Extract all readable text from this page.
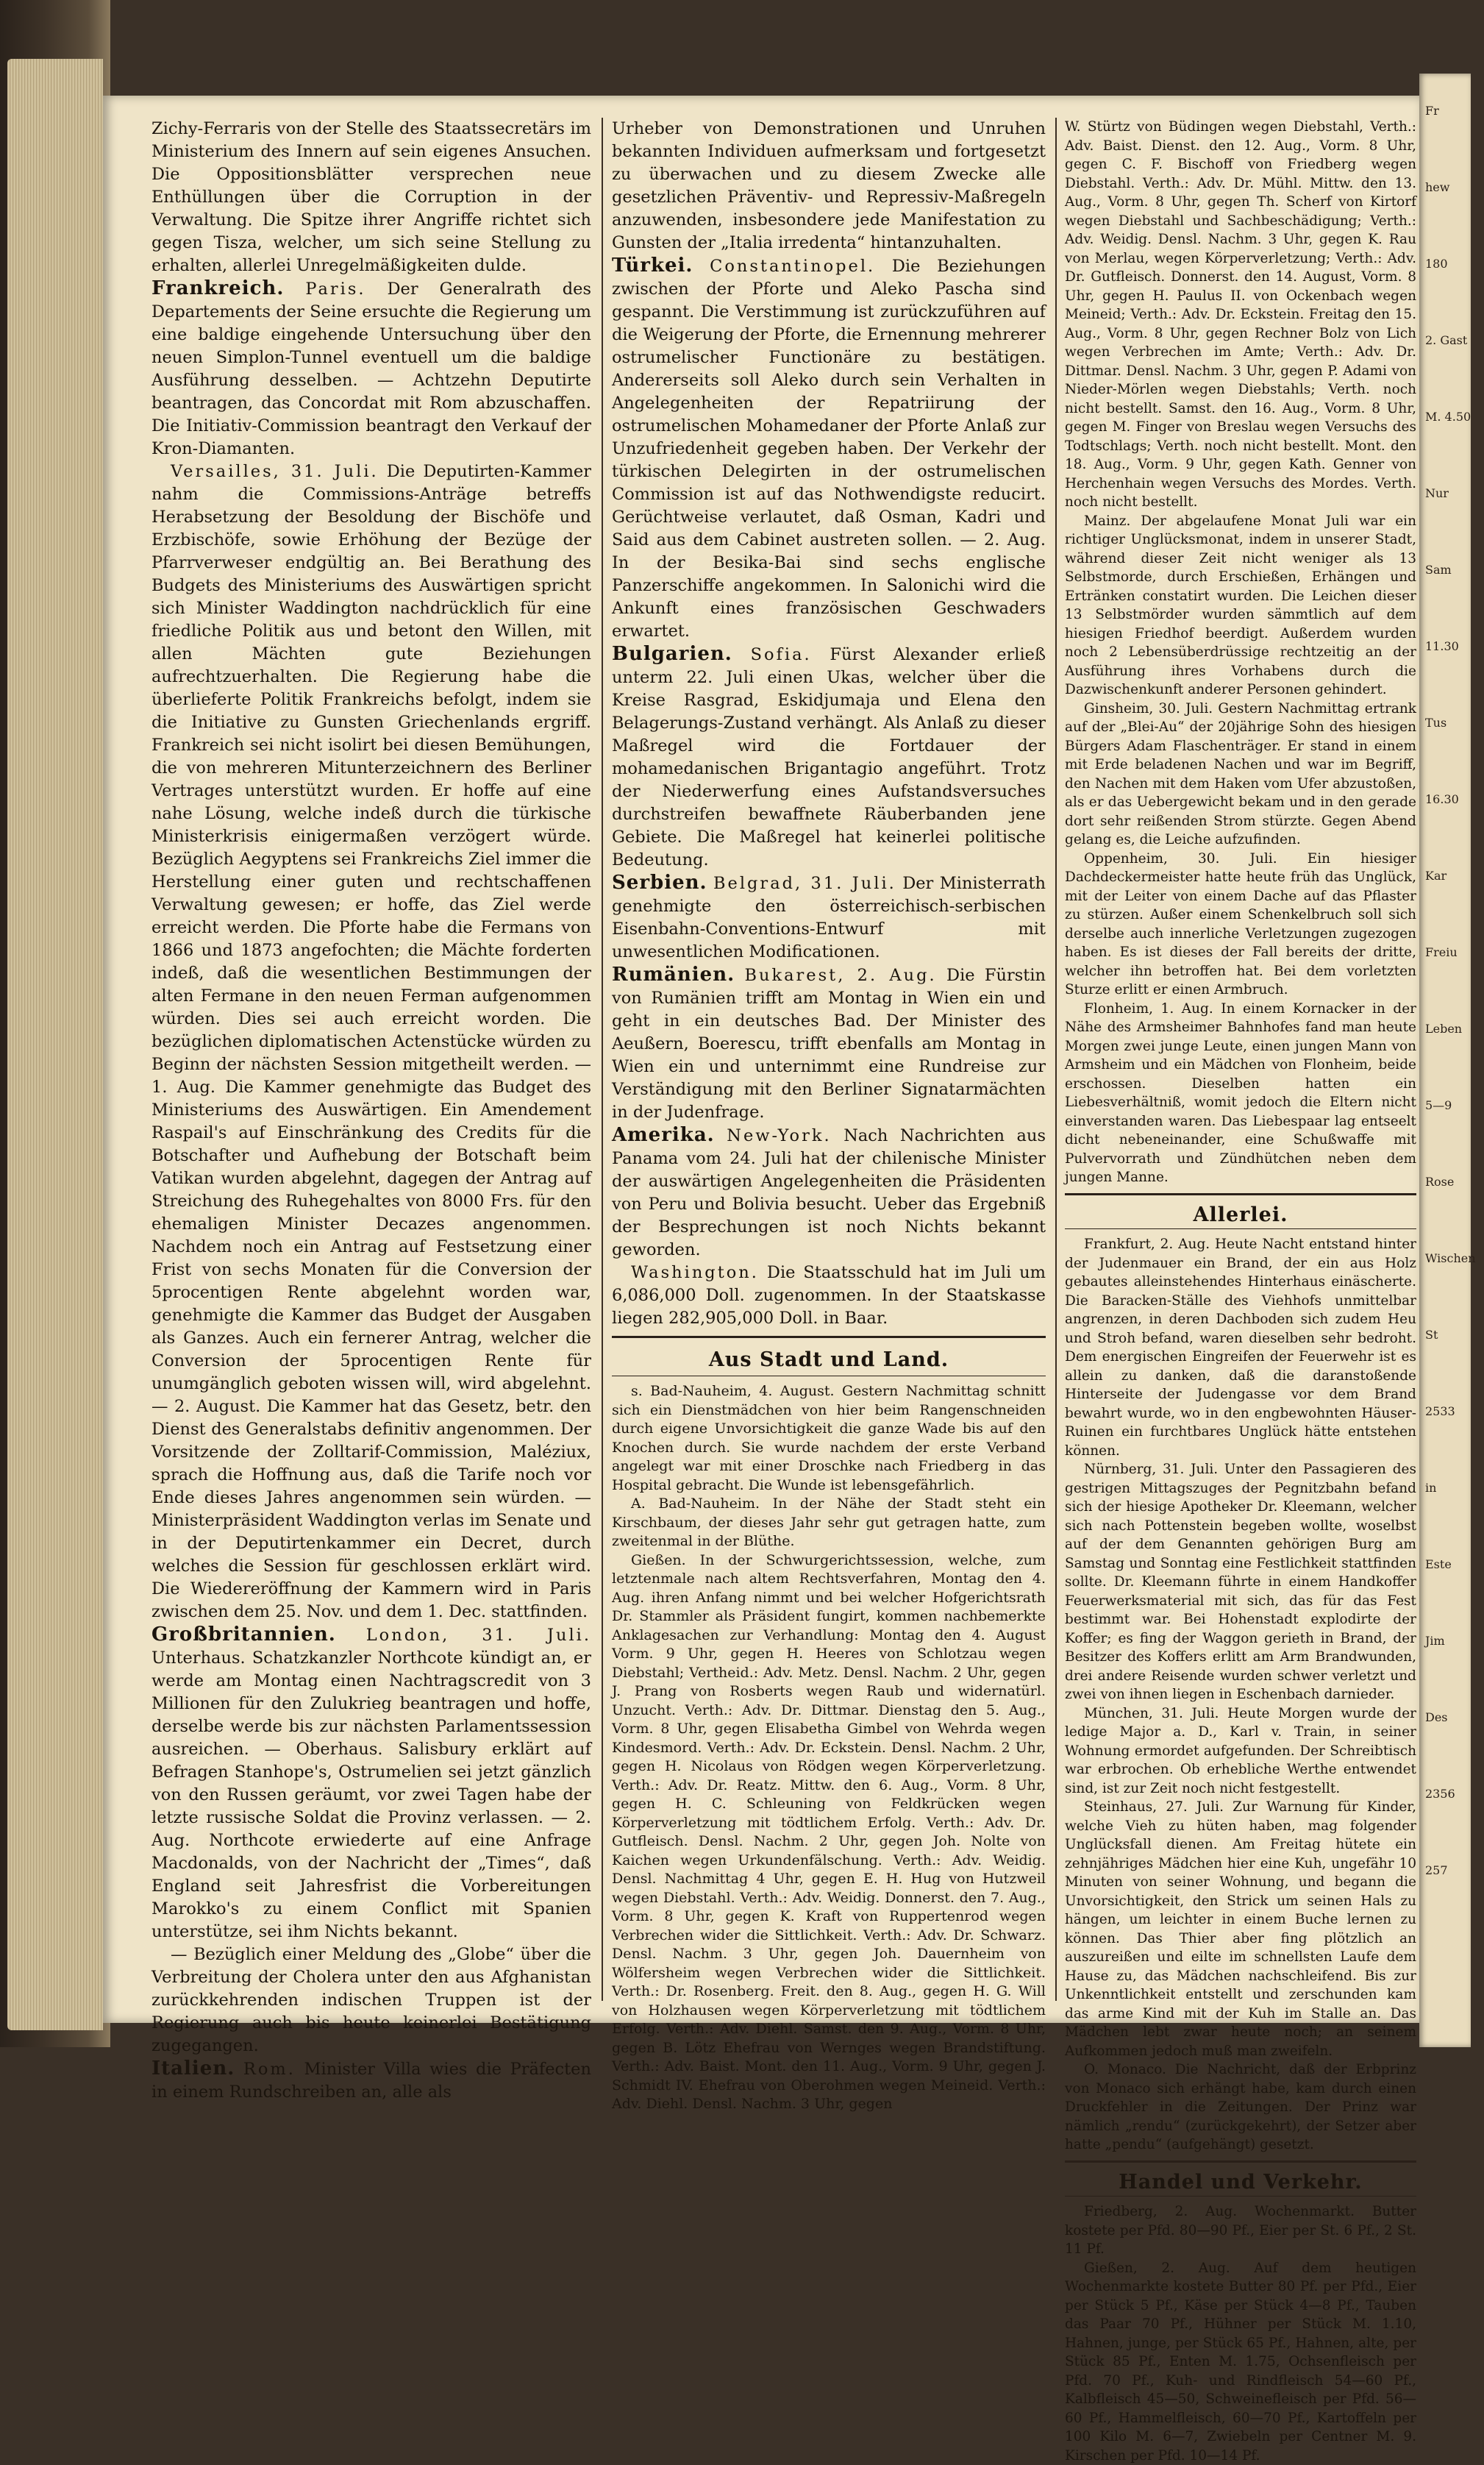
Zichy-Ferraris von der Stelle des Staatssecretärs im Ministerium des Innern auf sein eigenes Ansuchen. Die Oppositionsblätter versprechen neue Enthüllungen über die Corruption in der Verwaltung. Die Spitze ihrer Angriffe richtet sich gegen Tisza, welcher, um sich seine Stellung zu erhalten, allerlei Unregelmäßigkeiten dulde.

Frankreich. Paris. Der Generalrath des Departements der Seine ersuchte die Regierung um eine baldige eingehende Untersuchung über den neuen Simplon-Tunnel eventuell um die baldige Ausführung desselben. — Achtzehn Deputirte beantragen, das Concordat mit Rom abzuschaffen. Die Initiativ-Commission beantragt den Verkauf der Kron-Diamanten.

Versailles, 31. Juli. Die Deputirten-Kammer nahm die Commissions-Anträge betreffs Herabsetzung der Besoldung der Bischöfe und Erzbischöfe, sowie Erhöhung der Bezüge der Pfarrverweser endgültig an. Bei Berathung des Budgets des Ministeriums des Auswärtigen spricht sich Minister Waddington nachdrücklich für eine friedliche Politik aus und betont den Willen, mit allen Mächten gute Beziehungen aufrechtzuerhalten. Die Regierung habe die überlieferte Politik Frankreichs befolgt, indem sie die Initiative zu Gunsten Griechenlands ergriff. Frankreich sei nicht isolirt bei diesen Bemühungen, die von mehreren Mitunterzeichnern des Berliner Vertrages unterstützt wurden. Er hoffe auf eine nahe Lösung, welche indeß durch die türkische Ministerkrisis einigermaßen verzögert würde. Bezüglich Aegyptens sei Frankreichs Ziel immer die Herstellung einer guten und rechtschaffenen Verwaltung gewesen; er hoffe, das Ziel werde erreicht werden. Die Pforte habe die Fermans von 1866 und 1873 angefochten; die Mächte forderten indeß, daß die wesentlichen Bestimmungen der alten Fermane in den neuen Ferman aufgenommen würden. Dies sei auch erreicht worden. Die bezüglichen diplomatischen Actenstücke würden zu Beginn der nächsten Session mitgetheilt werden. — 1. Aug. Die Kammer genehmigte das Budget des Ministeriums des Auswärtigen. Ein Amendement Raspail's auf Einschränkung des Credits für die Botschafter und Aufhebung der Botschaft beim Vatikan wurden abgelehnt, dagegen der Antrag auf Streichung des Ruhegehaltes von 8000 Frs. für den ehemaligen Minister Decazes angenommen. Nachdem noch ein Antrag auf Festsetzung einer Frist von sechs Monaten für die Conversion der 5procentigen Rente abgelehnt worden war, genehmigte die Kammer das Budget der Ausgaben als Ganzes. Auch ein fernerer Antrag, welcher die Conversion der 5procentigen Rente für unumgänglich geboten wissen will, wird abgelehnt. — 2. August. Die Kammer hat das Gesetz, betr. den Dienst des Generalstabs definitiv angenommen. Der Vorsitzende der Zolltarif-Commission, Maléziux, sprach die Hoffnung aus, daß die Tarife noch vor Ende dieses Jahres angenommen sein würden. — Ministerpräsident Waddington verlas im Senate und in der Deputirtenkammer ein Decret, durch welches die Session für geschlossen erklärt wird. Die Wiedereröffnung der Kammern wird in Paris zwischen dem 25. Nov. und dem 1. Dec. stattfinden.

Großbritannien. London, 31. Juli. Unterhaus. Schatzkanzler Northcote kündigt an, er werde am Montag einen Nachtragscredit von 3 Millionen für den Zulukrieg beantragen und hoffe, derselbe werde bis zur nächsten Parlamentssession ausreichen. — Oberhaus. Salisbury erklärt auf Befragen Stanhope's, Ostrumelien sei jetzt gänzlich von den Russen geräumt, vor zwei Tagen habe der letzte russische Soldat die Provinz verlassen. — 2. Aug. Northcote erwiederte auf eine Anfrage Macdonalds, von der Nachricht der „Times“, daß England seit Jahresfrist die Vorbereitungen Marokko's zu einem Conflict mit Spanien unterstütze, sei ihm Nichts bekannt.

— Bezüglich einer Meldung des „Globe“ über die Verbreitung der Cholera unter den aus Afghanistan zurückkehrenden indischen Truppen ist der Regierung auch bis heute keinerlei Bestätigung zugegangen.

Italien. Rom. Minister Villa wies die Präfecten in einem Rundschreiben an, alle als

Urheber von Demonstrationen und Unruhen bekannten Individuen aufmerksam und fortgesetzt zu überwachen und zu diesem Zwecke alle gesetzlichen Präventiv- und Repressiv-Maßregeln anzuwenden, insbesondere jede Manifestation zu Gunsten der „Italia irredenta“ hintanzuhalten.

Türkei. Constantinopel. Die Beziehungen zwischen der Pforte und Aleko Pascha sind gespannt. Die Verstimmung ist zurückzuführen auf die Weigerung der Pforte, die Ernennung mehrerer ostrumelischer Functionäre zu bestätigen. Andererseits soll Aleko durch sein Verhalten in Angelegenheiten der Repatriirung der ostrumelischen Mohamedaner der Pforte Anlaß zur Unzufriedenheit gegeben haben. Der Verkehr der türkischen Delegirten in der ostrumelischen Commission ist auf das Nothwendigste reducirt. Gerüchtweise verlautet, daß Osman, Kadri und Said aus dem Cabinet austreten sollen. — 2. Aug. In der Besika-Bai sind sechs englische Panzerschiffe angekommen. In Salonichi wird die Ankunft eines französischen Geschwaders erwartet.

Bulgarien. Sofia. Fürst Alexander erließ unterm 22. Juli einen Ukas, welcher über die Kreise Rasgrad, Eskidjumaja und Elena den Belagerungs-Zustand verhängt. Als Anlaß zu dieser Maßregel wird die Fortdauer der mohamedanischen Brigantagio angeführt. Trotz der Niederwerfung eines Aufstandsversuches durchstreifen bewaffnete Räuberbanden jene Gebiete. Die Maßregel hat keinerlei politische Bedeutung.

Serbien. Belgrad, 31. Juli. Der Ministerrath genehmigte den österreichisch-serbischen Eisenbahn-Conventions-Entwurf mit unwesentlichen Modificationen.

Rumänien. Bukarest, 2. Aug. Die Fürstin von Rumänien trifft am Montag in Wien ein und geht in ein deutsches Bad. Der Minister des Aeußern, Boerescu, trifft ebenfalls am Montag in Wien ein und unternimmt eine Rundreise zur Verständigung mit den Berliner Signatarmächten in der Judenfrage.

Amerika. New-York. Nach Nachrichten aus Panama vom 24. Juli hat der chilenische Minister der auswärtigen Angelegenheiten die Präsidenten von Peru und Bolivia besucht. Ueber das Ergebniß der Besprechungen ist noch Nichts bekannt geworden.

Washington. Die Staatsschuld hat im Juli um 6,086,000 Doll. zugenommen. In der Staatskasse liegen 282,905,000 Doll. in Baar.

Aus Stadt und Land.

s. Bad-Nauheim, 4. August. Gestern Nachmittag schnitt sich ein Dienstmädchen von hier beim Rangenschneiden durch eigene Unvorsichtigkeit die ganze Wade bis auf den Knochen durch. Sie wurde nachdem der erste Verband angelegt war mit einer Droschke nach Friedberg in das Hospital gebracht. Die Wunde ist lebensgefährlich.

A. Bad-Nauheim. In der Nähe der Stadt steht ein Kirschbaum, der dieses Jahr sehr gut getragen hatte, zum zweitenmal in der Blüthe.

Gießen. In der Schwurgerichtssession, welche, zum letztenmale nach altem Rechtsverfahren, Montag den 4. Aug. ihren Anfang nimmt und bei welcher Hofgerichtsrath Dr. Stammler als Präsident fungirt, kommen nachbemerkte Anklagesachen zur Verhandlung: Montag den 4. August Vorm. 9 Uhr, gegen H. Heeres von Schlotzau wegen Diebstahl; Vertheid.: Adv. Metz. Densl. Nachm. 2 Uhr, gegen J. Prang von Rosberts wegen Raub und widernatürl. Unzucht. Verth.: Adv. Dr. Dittmar. Dienstag den 5. Aug., Vorm. 8 Uhr, gegen Elisabetha Gimbel von Wehrda wegen Kindesmord. Verth.: Adv. Dr. Eckstein. Densl. Nachm. 2 Uhr, gegen H. Nicolaus von Rödgen wegen Körperverletzung. Verth.: Adv. Dr. Reatz. Mittw. den 6. Aug., Vorm. 8 Uhr, gegen H. C. Schleuning von Feldkrücken wegen Körperverletzung mit tödtlichem Erfolg. Verth.: Adv. Dr. Gutfleisch. Densl. Nachm. 2 Uhr, gegen Joh. Nolte von Kaichen wegen Urkundenfälschung. Verth.: Adv. Weidig. Densl. Nachmittag 4 Uhr, gegen E. H. Hug von Hutzweil wegen Diebstahl. Verth.: Adv. Weidig. Donnerst. den 7. Aug., Vorm. 8 Uhr, gegen K. Kraft von Ruppertenrod wegen Verbrechen wider die Sittlichkeit. Verth.: Adv. Dr. Schwarz. Densl. Nachm. 3 Uhr, gegen Joh. Dauernheim von Wölfersheim wegen Verbrechen wider die Sittlichkeit. Verth.: Dr. Rosenberg. Freit. den 8. Aug., gegen H. G. Will von Holzhausen wegen Körperverletzung mit tödtlichem Erfolg. Verth.: Adv. Diehl. Samst. den 9. Aug., Vorm. 8 Uhr, gegen B. Lötz Ehefrau von Wernges wegen Brandstiftung. Verth.: Adv. Baist. Mont. den 11. Aug., Vorm. 9 Uhr, gegen J. Schmidt IV. Ehefrau von Oberohmen wegen Meineid. Verth.: Adv. Diehl. Densl. Nachm. 3 Uhr, gegen

W. Stürtz von Büdingen wegen Diebstahl, Verth.: Adv. Baist. Dienst. den 12. Aug., Vorm. 8 Uhr, gegen C. F. Bischoff von Friedberg wegen Diebstahl. Verth.: Adv. Dr. Mühl. Mittw. den 13. Aug., Vorm. 8 Uhr, gegen Th. Scherf von Kirtorf wegen Diebstahl und Sachbeschädigung; Verth.: Adv. Weidig. Densl. Nachm. 3 Uhr, gegen K. Rau von Merlau, wegen Körperverletzung; Verth.: Adv. Dr. Gutfleisch. Donnerst. den 14. August, Vorm. 8 Uhr, gegen H. Paulus II. von Ockenbach wegen Meineid; Verth.: Adv. Dr. Eckstein. Freitag den 15. Aug., Vorm. 8 Uhr, gegen Rechner Bolz von Lich wegen Verbrechen im Amte; Verth.: Adv. Dr. Dittmar. Densl. Nachm. 3 Uhr, gegen P. Adami von Nieder-Mörlen wegen Diebstahls; Verth. noch nicht bestellt. Samst. den 16. Aug., Vorm. 8 Uhr, gegen M. Finger von Breslau wegen Versuchs des Todtschlags; Verth. noch nicht bestellt. Mont. den 18. Aug., Vorm. 9 Uhr, gegen Kath. Genner von Herchenhain wegen Versuchs des Mordes. Verth. noch nicht bestellt.

Mainz. Der abgelaufene Monat Juli war ein richtiger Unglücksmonat, indem in unserer Stadt, während dieser Zeit nicht weniger als 13 Selbstmorde, durch Erschießen, Erhängen und Ertränken constatirt wurden. Die Leichen dieser 13 Selbstmörder wurden sämmtlich auf dem hiesigen Friedhof beerdigt. Außerdem wurden noch 2 Lebensüberdrüssige rechtzeitig an der Ausführung ihres Vorhabens durch die Dazwischenkunft anderer Personen gehindert.

Ginsheim, 30. Juli. Gestern Nachmittag ertrank auf der „Blei-Au“ der 20jährige Sohn des hiesigen Bürgers Adam Flaschenträger. Er stand in einem mit Erde beladenen Nachen und war im Begriff, den Nachen mit dem Haken vom Ufer abzustoßen, als er das Uebergewicht bekam und in den gerade dort sehr reißenden Strom stürzte. Gegen Abend gelang es, die Leiche aufzufinden.

Oppenheim, 30. Juli. Ein hiesiger Dachdeckermeister hatte heute früh das Unglück, mit der Leiter von einem Dache auf das Pflaster zu stürzen. Außer einem Schenkelbruch soll sich derselbe auch innerliche Verletzungen zugezogen haben. Es ist dieses der Fall bereits der dritte, welcher ihn betroffen hat. Bei dem vorletzten Sturze erlitt er einen Armbruch.

Flonheim, 1. Aug. In einem Kornacker in der Nähe des Armsheimer Bahnhofes fand man heute Morgen zwei junge Leute, einen jungen Mann von Armsheim und ein Mädchen von Flonheim, beide erschossen. Dieselben hatten ein Liebesverhältniß, womit jedoch die Eltern nicht einverstanden waren. Das Liebespaar lag entseelt dicht nebeneinander, eine Schußwaffe mit Pulvervorrath und Zündhütchen neben dem jungen Manne.

Allerlei.

Frankfurt, 2. Aug. Heute Nacht entstand hinter der Judenmauer ein Brand, der ein aus Holz gebautes alleinstehendes Hinterhaus einäscherte. Die Baracken-Ställe des Viehhofs unmittelbar angrenzen, in deren Dachboden sich zudem Heu und Stroh befand, waren dieselben sehr bedroht. Dem energischen Eingreifen der Feuerwehr ist es allein zu danken, daß die daranstoßende Hinterseite der Judengasse vor dem Brand bewahrt wurde, wo in den engbewohnten Häuser-Ruinen ein furchtbares Unglück hätte entstehen können.

Nürnberg, 31. Juli. Unter den Passagieren des gestrigen Mittagszuges der Pegnitzbahn befand sich der hiesige Apotheker Dr. Kleemann, welcher sich nach Pottenstein begeben wollte, woselbst auf der dem Genannten gehörigen Burg am Samstag und Sonntag eine Festlichkeit stattfinden sollte. Dr. Kleemann führte in einem Handkoffer Feuerwerksmaterial mit sich, das für das Fest bestimmt war. Bei Hohenstadt explodirte der Koffer; es fing der Waggon gerieth in Brand, der Besitzer des Koffers erlitt am Arm Brandwunden, drei andere Reisende wurden schwer verletzt und zwei von ihnen liegen in Eschenbach darnieder.

München, 31. Juli. Heute Morgen wurde der ledige Major a. D., Karl v. Train, in seiner Wohnung ermordet aufgefunden. Der Schreibtisch war erbrochen. Ob erhebliche Werthe entwendet sind, ist zur Zeit noch nicht festgestellt.

Steinhaus, 27. Juli. Zur Warnung für Kinder, welche Vieh zu hüten haben, mag folgender Unglücksfall dienen. Am Freitag hütete ein zehnjähriges Mädchen hier eine Kuh, ungefähr 10 Minuten von seiner Wohnung, und begann die Unvorsichtigkeit, den Strick um seinen Hals zu hängen, um leichter in einem Buche lernen zu können. Das Thier aber fing plötzlich an auszureißen und eilte im schnellsten Laufe dem Hause zu, das Mädchen nachschleifend. Bis zur Unkenntlichkeit entstellt und zerschunden kam das arme Kind mit der Kuh im Stalle an. Das Mädchen lebt zwar heute noch; an seinem Aufkommen jedoch muß man zweifeln.

O. Monaco. Die Nachricht, daß der Erbprinz von Monaco sich erhängt habe, kam durch einen Druckfehler in die Zeitungen. Der Prinz war nämlich „rendu“ (zurückgekehrt), der Setzer aber hatte „pendu“ (aufgehängt) gesetzt.

Handel und Verkehr.

Friedberg, 2. Aug. Wochenmarkt. Butter kostete per Pfd. 80—90 Pf., Eier per St. 6 Pf., 2 St. 11 Pf.

Gießen, 2. Aug. Auf dem heutigen Wochenmarkte kostete Butter 80 Pf. per Pfd., Eier per Stück 5 Pf., Käse per Stück 4—8 Pf., Tauben das Paar 70 Pf., Hühner per Stück M. 1.10, Hahnen, junge, per Stück 65 Pf., Hahnen, alte, per Stück 85 Pf., Enten M. 1.75, Ochsenfleisch per Pfd. 70 Pf., Kuh- und Rindfleisch 54—60 Pf., Kalbfleisch 45—50, Schweinefleisch per Pfd. 56—60 Pf., Hammelfleisch, 60—70 Pf., Kartoffeln per 100 Kilo M. 6—7, Zwiebeln per Centner M. 9. Kirschen per Pfd. 10—14 Pf.

Fr
hew
180
2. Gast
M. 4.50
Nur
Sam
11.30
Tus
16.30
Kar
Freiu
Leben
5—9
Rose
Wischen
St
2533
in
Este
Jim
Des
2356
257
